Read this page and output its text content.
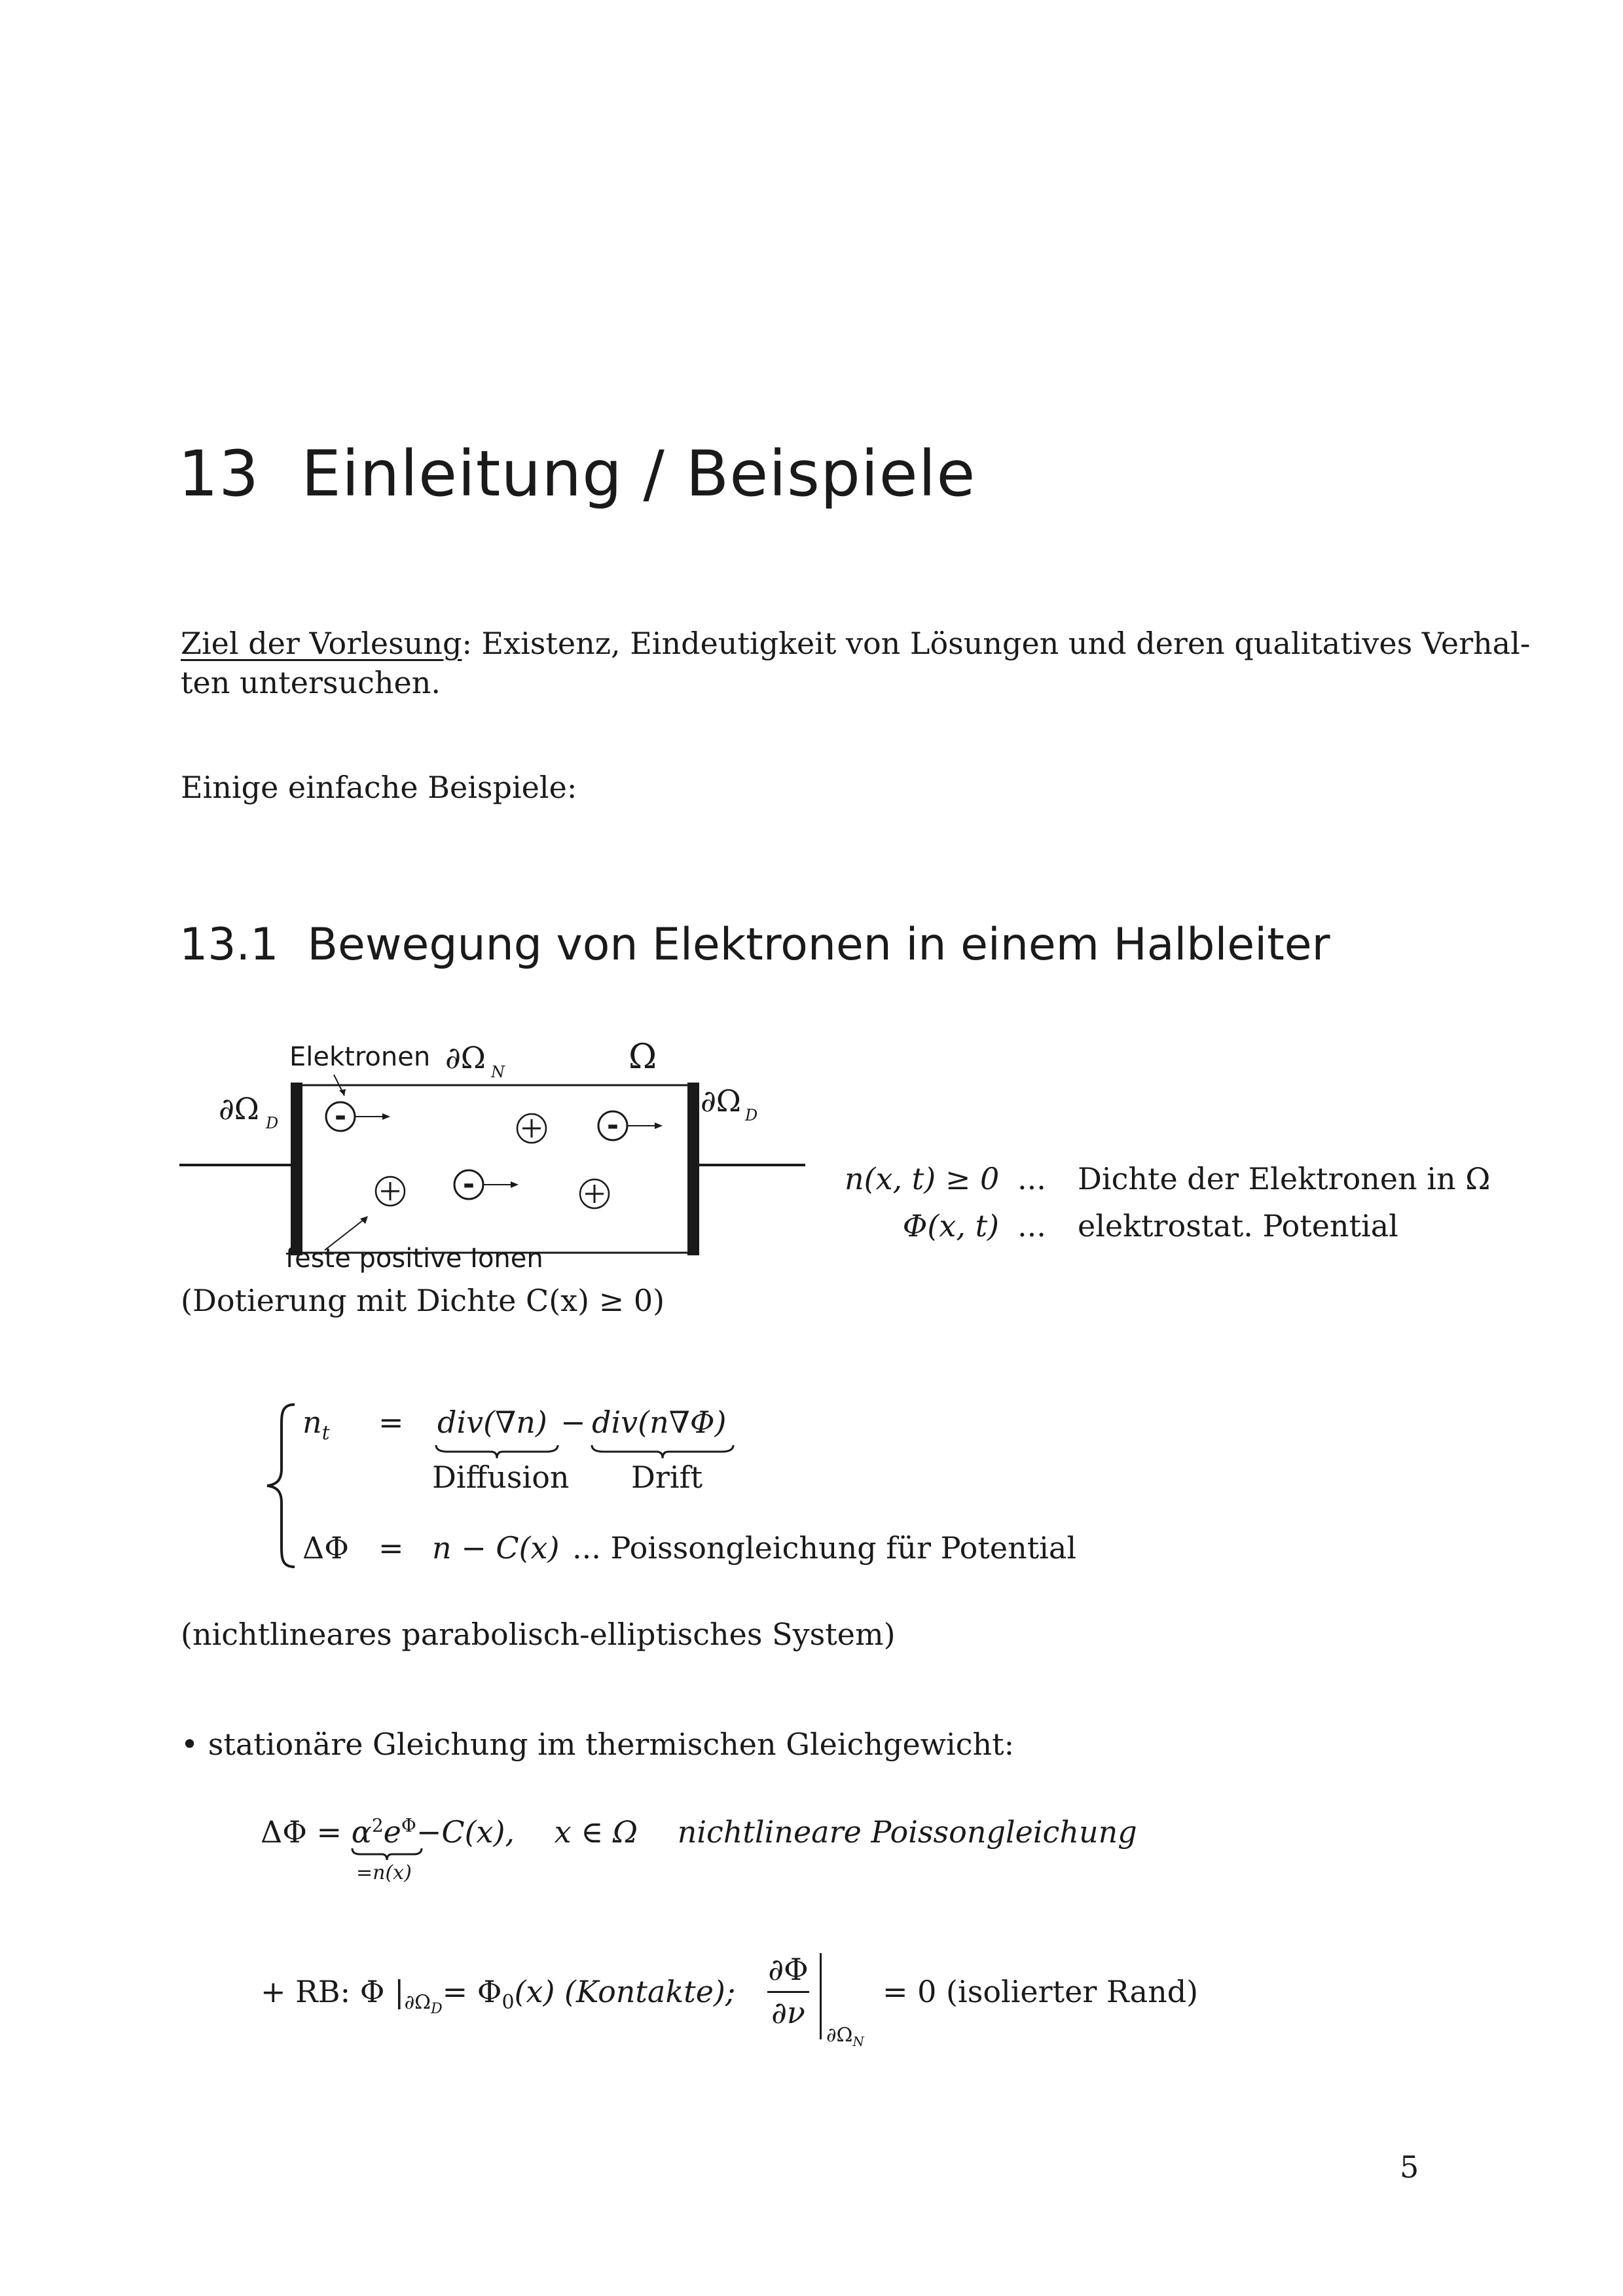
13 Einleitung / Beispiele
Ziel der Vorlesung: Existenz, Eindeutigkeit von Lösungen und deren qualitatives Verhal-
ten untersuchen.
Einige einfache Beispiele:
13.1 Bewegung von Elektronen in einem Halbleiter
Elektronen ∂Ω N	Ω
∂Ω D
∂Ω D
feste positive Ionen
-	-
-	n(x, t) ≥ 0 ... Dichte der Elektronen in Ω
Φ(x, t) ... elektrostat. Potential
(Dotierung mit Dichte C(x) ≥ 0)
$n_t = div(\nabla n) - div(n\nabla\Phi)$
Diffusion Drift
ΔΦ = n − C(x) ... Poissongleichung für Potential
(nichtlineares parabolisch-elliptisches System)
• stationäre Gleichung im thermischen Gleichgewicht:
$\Delta\Phi = \alpha^2e^\Phi-C(x)$, x ∈ Ω nichtlineare Poissongleichung
=n(x)
+ RB: Φ $|_{\partial\Omega_D}= \Phi_0(x)$ (Kontakte);
∂Φ
∂ν
$\partial\Omega_N$
= 0 (isolierter Rand)
5
